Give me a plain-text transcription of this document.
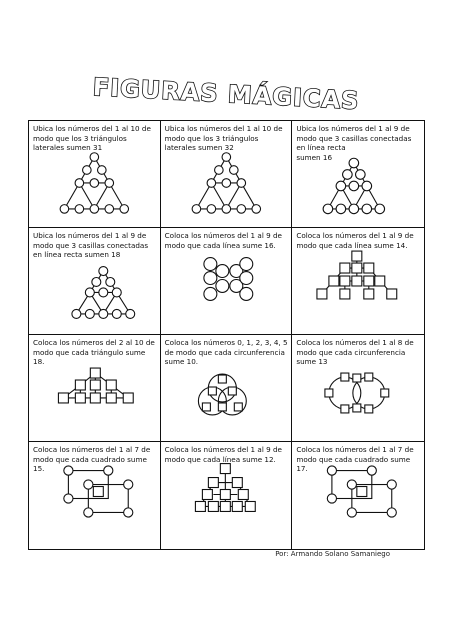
FIGURAS MÁGICAS
Ubica los números del 1 al 10 de modo que los 3 triángulos laterales sumen 31
Ubica los números del 1 al 10 de modo que los 3 triángulos laterales sumen 32
Ubica los números del 1 al 9 de modo que 3 casillas conectadas en línea recta
sumen 16
Ubica los números del 1 al 9 de modo que 3 casillas conectadas en línea recta sumen 18
Coloca los números del 1 al 9 de modo que cada línea sume 16.
Coloca los números del 1 al 9 de modo que cada línea sume 14.
Coloca los números del 2 al 10 de modo que cada triángulo sume 18.
Coloca los números 0, 1, 2, 3, 4, 5 de modo que cada circunferencia sume 10.
Coloca los números del 1 al 8 de modo que cada circunferencia sume 13
Coloca los números del 1 al 7 de modo que cada cuadrado sume 15.
Coloca los números del 1 al 9 de modo que cada línea sume 12.
Coloca los números del 1 al 7 de modo que cada cuadrado sume 17.
Por: Armando Solano Samaniego
